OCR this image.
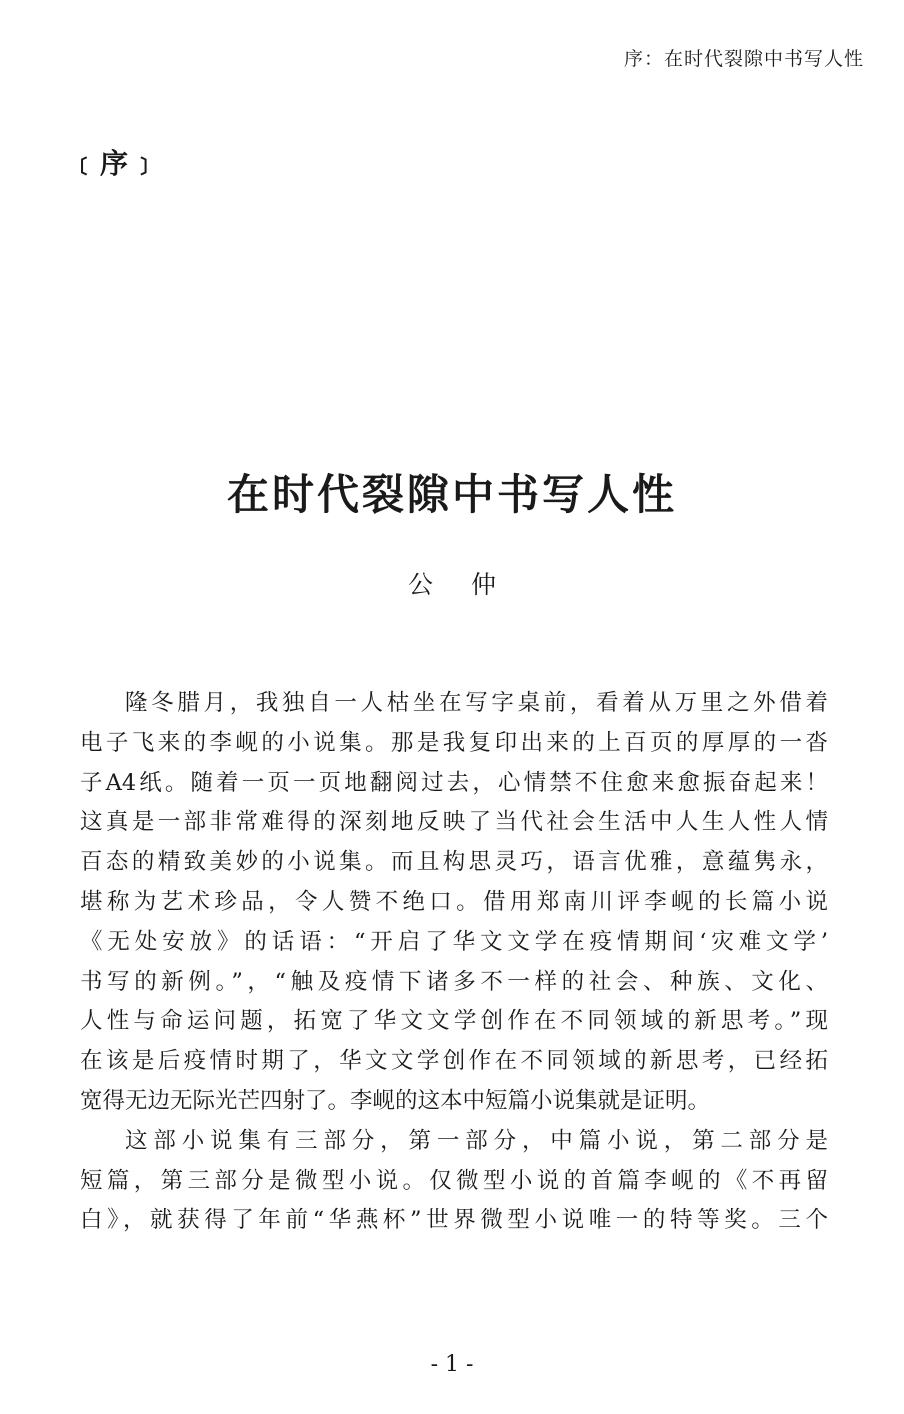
序：在时代裂隙中书写人性
﹝序﹞
在时代裂隙中书写人性
公仲

隆冬腊月，我独自一人枯坐在写字桌前，看着从万里之外借着
电子飞来的李岘的小说集。那是我复印出来的上百页的厚厚的一沓
子A4纸。随着一页一页地翻阅过去，心情禁不住愈来愈振奋起来！
这真是一部非常难得的深刻地反映了当代社会生活中人生人性人情
百态的精致美妙的小说集。而且构思灵巧，语言优雅，意蕴隽永，
堪称为艺术珍品，令人赞不绝口。借用郑南川评李岘的长篇小说
《无处安放》的话语：“开启了华文文学在疫情期间‘灾难文学’
书写的新例。”，“触及疫情下诸多不一样的社会、种族、文化、
人性与命运问题，拓宽了华文文学创作在不同领域的新思考。”现
在该是后疫情时期了，华文文学创作在不同领域的新思考，已经拓
宽得无边无际光芒四射了。李岘的这本中短篇小说集就是证明。

这部小说集有三部分，第一部分，中篇小说，第二部分是
短篇，第三部分是微型小说。仅微型小说的首篇李岘的《不再留
白》，就获得了年前“华燕杯”世界微型小说唯一的特等奖。三个

- 1 -
